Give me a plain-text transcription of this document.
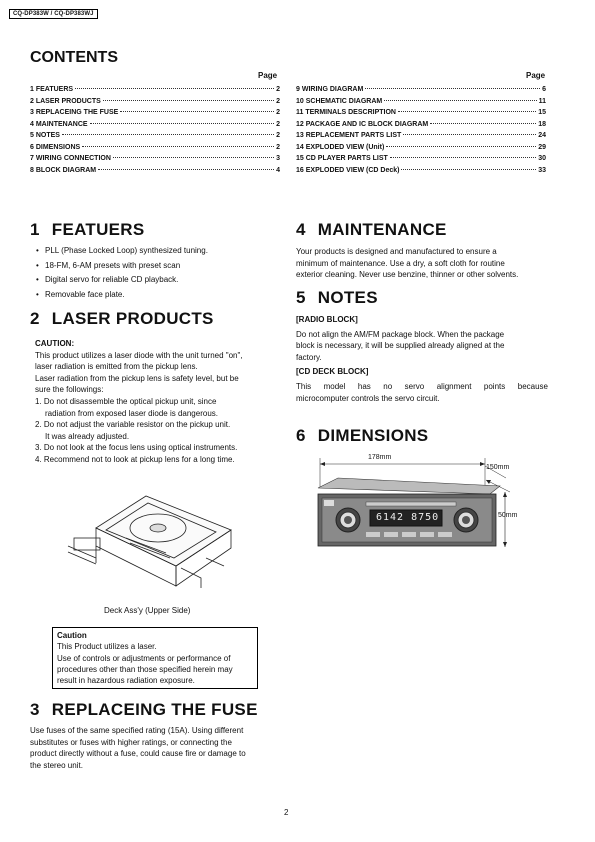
CQ-DP383W / CQ-DP383WJ
CONTENTS
Page	Page
1 FEATUERS	2
2 LASER PRODUCTS	2
3 REPLACEING THE FUSE	2
4 MAINTENANCE	2
5 NOTES	2
6 DIMENSIONS	2
7 WIRING CONNECTION	3
8 BLOCK DIAGRAM	4
9 WIRING DIAGRAM	6
10 SCHEMATIC DIAGRAM	11
11 TERMINALS DESCRIPTION	15
12 PACKAGE AND IC BLOCK DIAGRAM	18
13 REPLACEMENT PARTS LIST	24
14 EXPLODED VIEW (Unit)	29
15 CD PLAYER PARTS LIST	30
16 EXPLODED VIEW (CD Deck)	33
1 FEATUERS
• PLL (Phase Locked Loop) synthesized tuning.
• 18-FM, 6-AM presets with preset scan
• Digital servo for reliable CD playback.
• Removable face plate.
2 LASER PRODUCTS
CAUTION:
This product utilizes a laser diode with the unit turned "on",
laser radiation is emitted from the pickup lens.
Laser radiation from the pickup lens is safety level, but be
sure the followings:
1. Do not disassemble the optical pickup unit, since
radiation from exposed laser diode is dangerous.
2. Do not adjust the variable resistor on the pickup unit.
It was already adjusted.
3. Do not look at the focus lens using optical instruments.
4. Recommend not to look at pickup lens for a long time.
Deck Ass'y (Upper Side)
Caution
This Product utilizes a laser.
Use of controls or adjustments or performance of
procedures other than those specified herein may
result in hazardous radiation exposure.
3 REPLACEING THE FUSE
Use fuses of the same specified rating (15A). Using different
substitutes or fuses with higher ratings, or connecting the
product directly without a fuse, could cause fire or damage to
the stereo unit.
4 MAINTENANCE
Your products is designed and manufactured to ensure a
minimum of maintenance. Use a dry, a soft cloth for routine
exterior cleaning. Never use benzine, thinner or other solvents.
5 NOTES
[RADIO BLOCK]
Do not align the AM/FM package block. When the package
block is necessary, it will be supplied already aligned at the
factory.
[CD DECK BLOCK]
This model has no servo alignment points because
microcomputer controls the servo circuit.
6 DIMENSIONS
178mm
150mm
50mm
6142 8750
2
